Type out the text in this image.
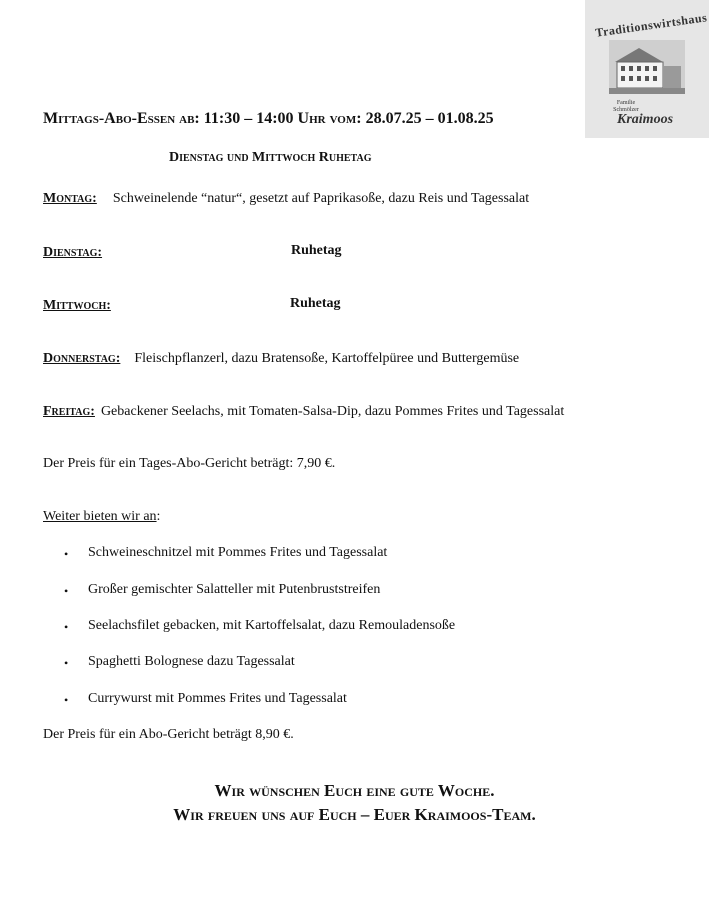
Traditionswirtshaus
Familie Schmölzer
Kraimoos
Mittags-Abo-Essen ab: 11:30 – 14:00 Uhr vom: 28.07.25 – 01.08.25
Dienstag und Mittwoch Ruhetag
Montag: Schweinelende “natur“, gesetzt auf Paprikasoße, dazu Reis und Tagessalat
Dienstag:	Ruhetag
Mittwoch:	Ruhetag
Donnerstag: Fleischpflanzerl, dazu Bratensoße, Kartoffelpüree und Buttergemüse
Freitag: Gebackener Seelachs, mit Tomaten-Salsa-Dip, dazu Pommes Frites und Tagessalat
Der Preis für ein Tages-Abo-Gericht beträgt: 7,90 €.
Weiter bieten wir an:
• Schweineschnitzel mit Pommes Frites und Tagessalat
• Großer gemischter Salatteller mit Putenbruststreifen
• Seelachsfilet gebacken, mit Kartoffelsalat, dazu Remouladensoße
• Spaghetti Bolognese dazu Tagessalat
• Currywurst mit Pommes Frites und Tagessalat
Der Preis für ein Abo-Gericht beträgt 8,90 €.
Wir wünschen Euch eine gute Woche.
Wir freuen uns auf Euch – Euer Kraimoos-Team.
